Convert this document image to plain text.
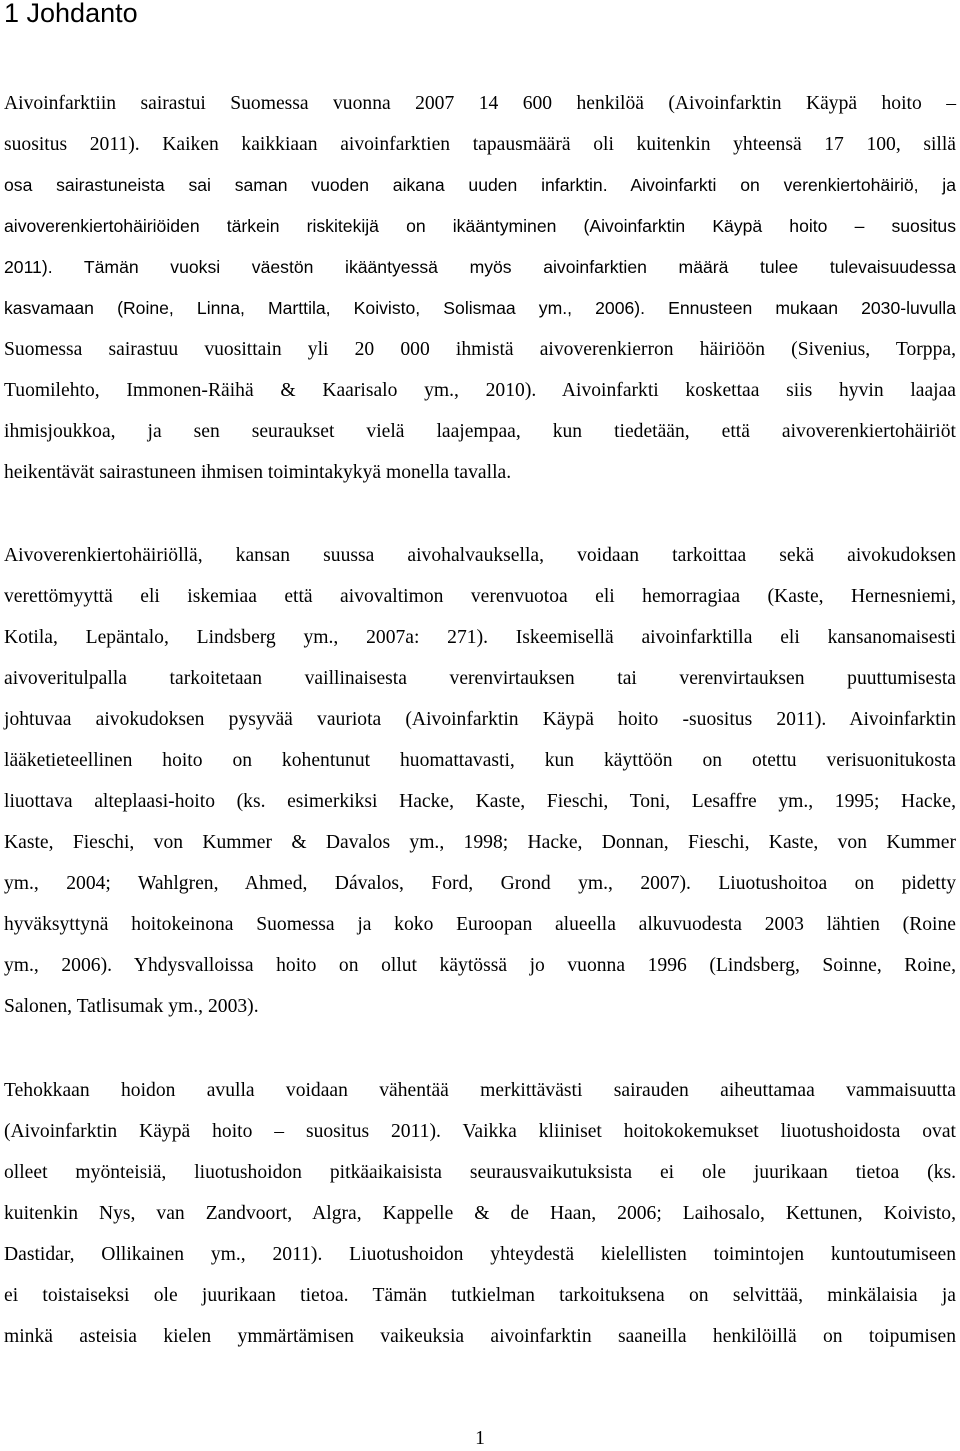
1 Johdanto
Aivoinfarktiin sairastui Suomessa vuonna 2007 14 600 henkilöä (Aivoinfarktin Käypä hoito –
suositus 2011). Kaiken kaikkiaan aivoinfarktien tapausmäärä oli kuitenkin yhteensä 17 100, sillä
osa sairastuneista sai saman vuoden aikana uuden infarktin. Aivoinfarkti on verenkiertohäiriö, ja
aivoverenkiertohäiriöiden tärkein riskitekijä on ikääntyminen (Aivoinfarktin Käypä hoito – suositus
2011). Tämän vuoksi väestön ikääntyessä myös aivoinfarktien määrä tulee tulevaisuudessa
kasvamaan (Roine, Linna, Marttila, Koivisto, Solismaa ym., 2006). Ennusteen mukaan 2030-luvulla
Suomessa sairastuu vuosittain yli 20 000 ihmistä aivoverenkierron häiriöön (Sivenius, Torppa,
Tuomilehto, Immonen-Räihä & Kaarisalo ym., 2010). Aivoinfarkti koskettaa siis hyvin laajaa
ihmisjoukkoa, ja sen seuraukset vielä laajempaa, kun tiedetään, että aivoverenkiertohäiriöt
heikentävät sairastuneen ihmisen toimintakykyä monella tavalla.
Aivoverenkiertohäiriöllä, kansan suussa aivohalvauksella, voidaan tarkoittaa sekä aivokudoksen
verettömyyttä eli iskemiaa että aivovaltimon verenvuotoa eli hemorragiaa (Kaste, Hernesniemi,
Kotila, Lepäntalo, Lindsberg ym., 2007a: 271). Iskeemisellä aivoinfarktilla eli kansanomaisesti
aivoveritulpalla tarkoitetaan vaillinaisesta verenvirtauksen tai verenvirtauksen puuttumisesta
johtuvaa aivokudoksen pysyvää vauriota (Aivoinfarktin Käypä hoito -suositus 2011). Aivoinfarktin
lääketieteellinen hoito on kohentunut huomattavasti, kun käyttöön on otettu verisuonitukosta
liuottava alteplaasi-hoito (ks. esimerkiksi Hacke, Kaste, Fieschi, Toni, Lesaffre ym., 1995; Hacke,
Kaste, Fieschi, von Kummer & Davalos ym., 1998; Hacke, Donnan, Fieschi, Kaste, von Kummer
ym., 2004; Wahlgren, Ahmed, Dávalos, Ford, Grond ym., 2007). Liuotushoitoa on pidetty
hyväksyttynä hoitokeinona Suomessa ja koko Euroopan alueella alkuvuodesta 2003 lähtien (Roine
ym., 2006). Yhdysvalloissa hoito on ollut käytössä jo vuonna 1996 (Lindsberg, Soinne, Roine,
Salonen, Tatlisumak ym., 2003).
Tehokkaan hoidon avulla voidaan vähentää merkittävästi sairauden aiheuttamaa vammaisuutta
(Aivoinfarktin Käypä hoito – suositus 2011). Vaikka kliiniset hoitokokemukset liuotushoidosta ovat
olleet myönteisiä, liuotushoidon pitkäaikaisista seurausvaikutuksista ei ole juurikaan tietoa (ks.
kuitenkin Nys, van Zandvoort, Algra, Kappelle & de Haan, 2006; Laihosalo, Kettunen, Koivisto,
Dastidar, Ollikainen ym., 2011). Liuotushoidon yhteydestä kielellisten toimintojen kuntoutumiseen
ei toistaiseksi ole juurikaan tietoa. Tämän tutkielman tarkoituksena on selvittää, minkälaisia ja
minkä asteisia kielen ymmärtämisen vaikeuksia aivoinfarktin saaneilla henkilöillä on toipumisen
1
